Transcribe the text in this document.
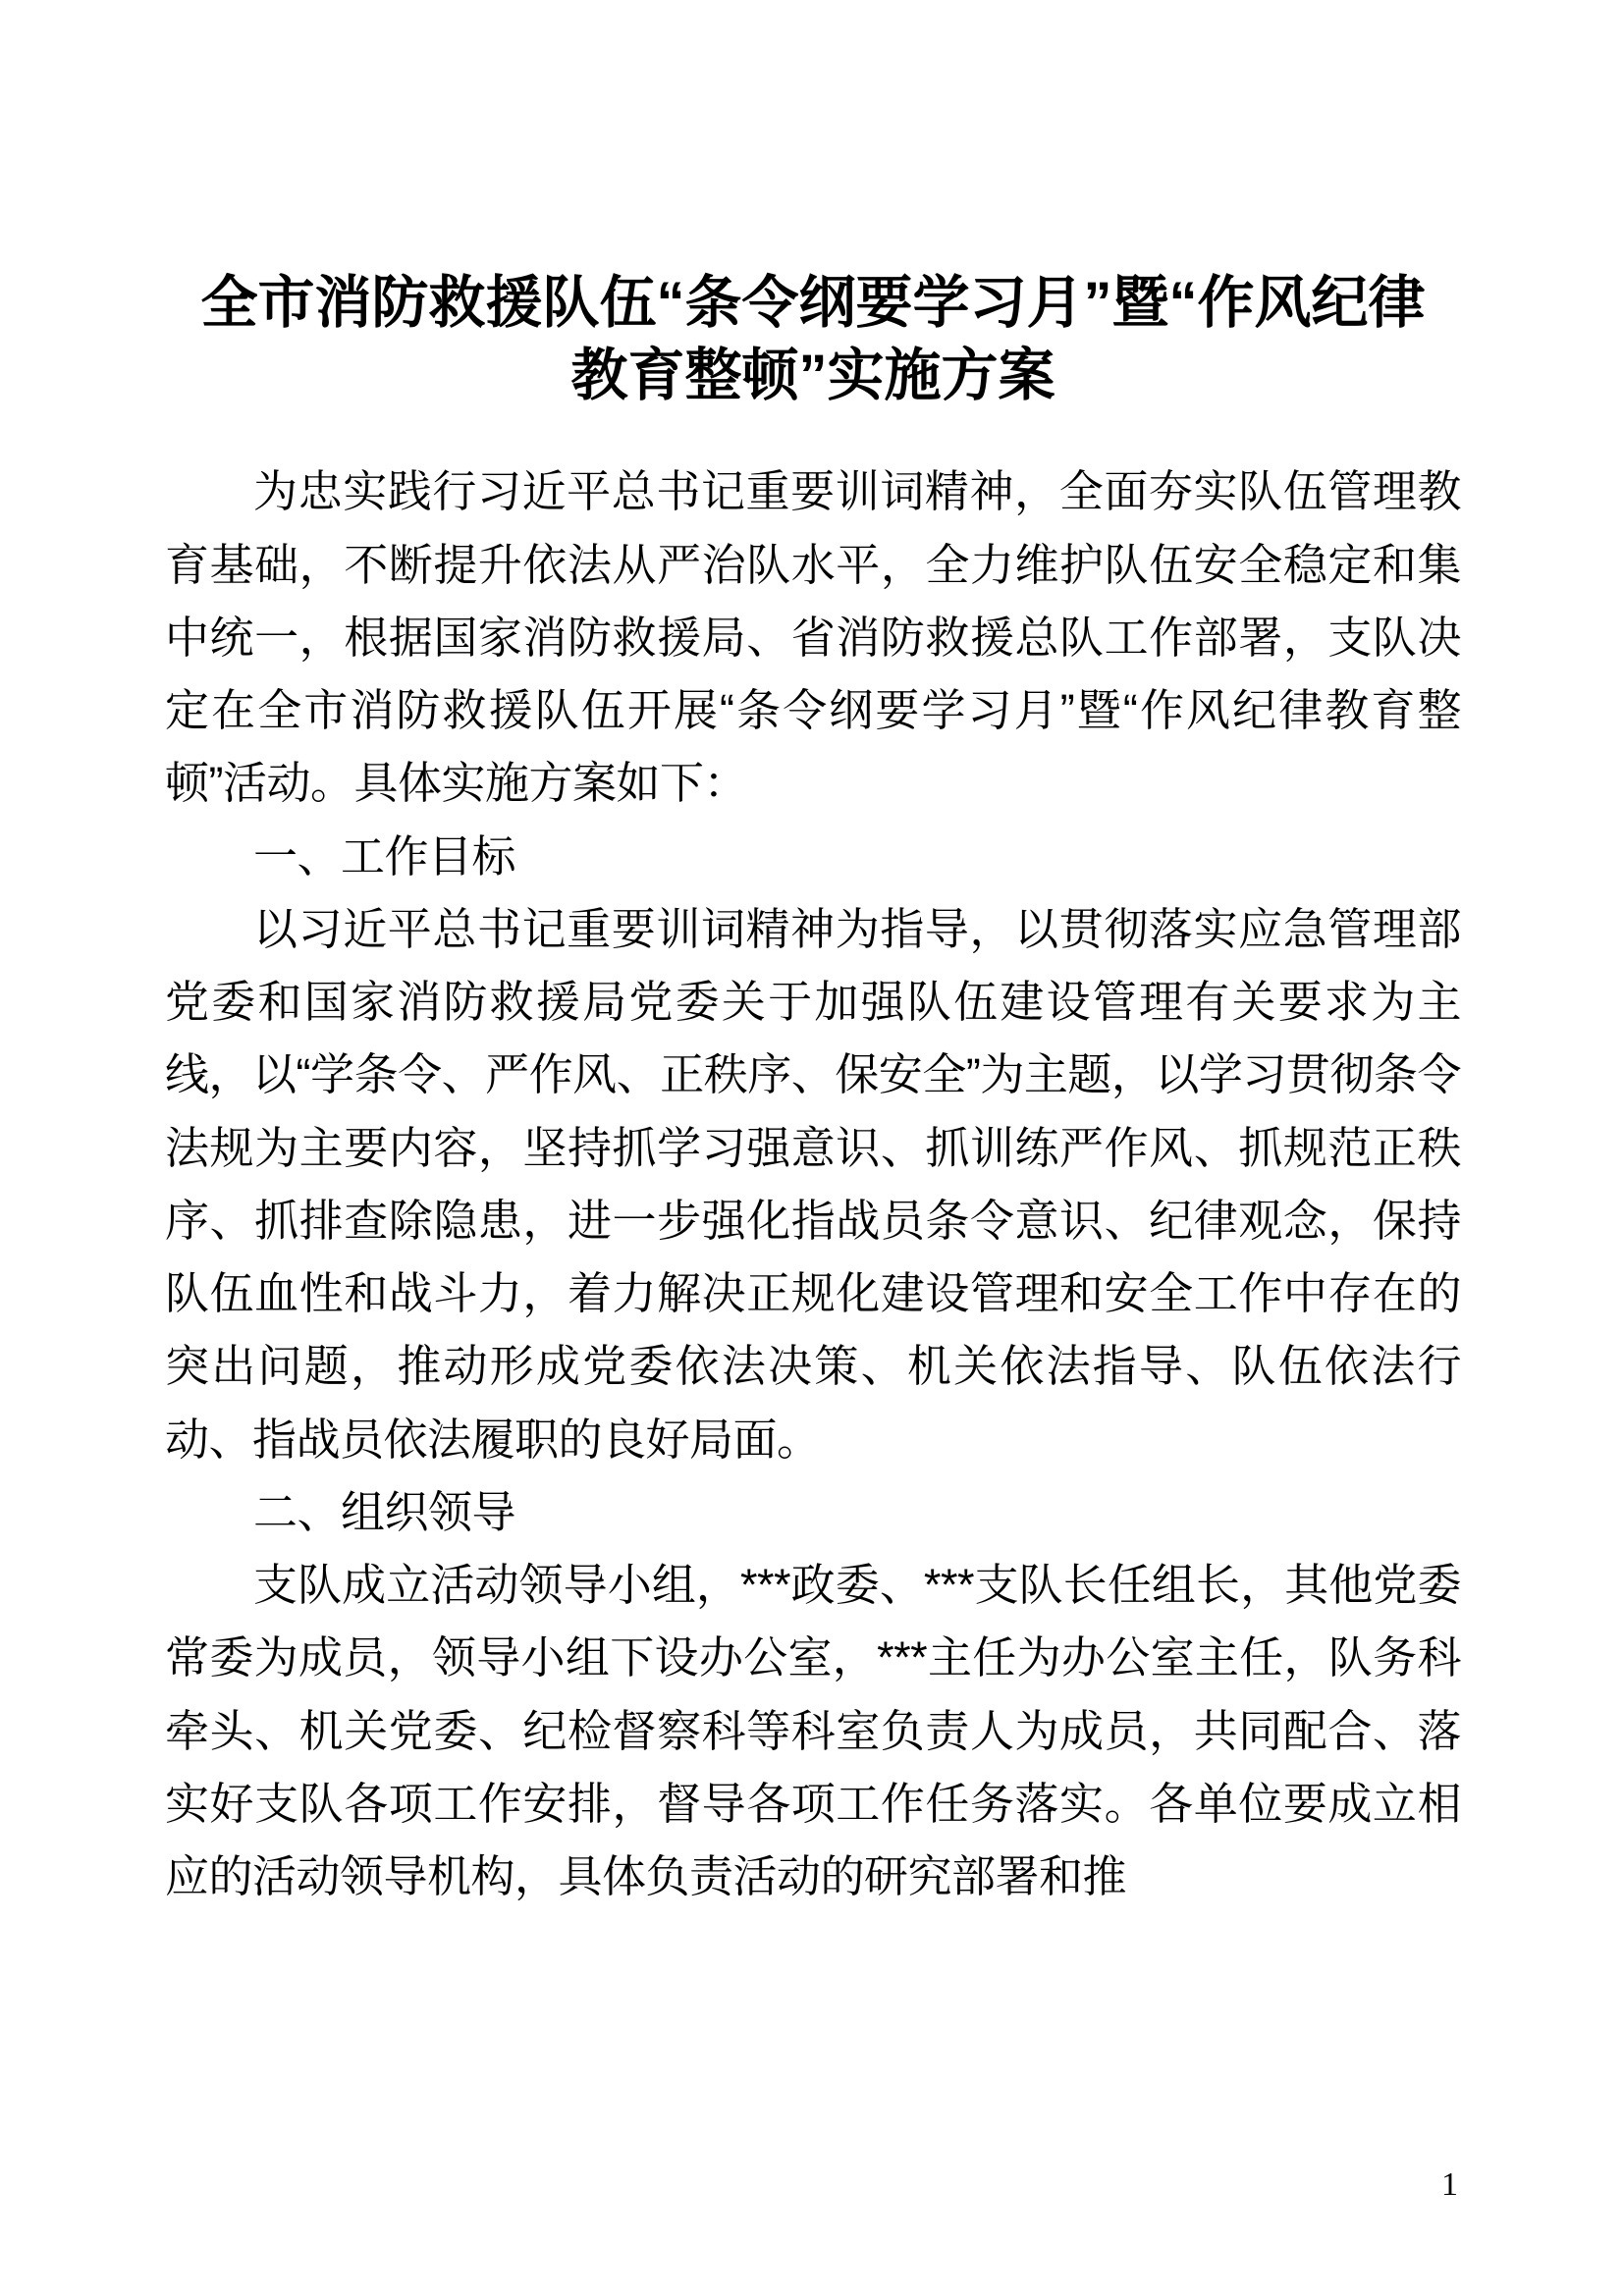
全市消防救援队伍“条令纲要学习月”暨“作风纪律教育整顿”实施方案

为忠实践行习近平总书记重要训词精神，全面夯实队伍管理教育基础，不断提升依法从严治队水平，全力维护队伍安全稳定和集中统一，根据国家消防救援局、省消防救援总队工作部署，支队决定在全市消防救援队伍开展“条令纲要学习月”暨“作风纪律教育整顿”活动。具体实施方案如下：

一、工作目标

以习近平总书记重要训词精神为指导，以贯彻落实应急管理部党委和国家消防救援局党委关于加强队伍建设管理有关要求为主线，以“学条令、严作风、正秩序、保安全”为主题，以学习贯彻条令法规为主要内容，坚持抓学习强意识、抓训练严作风、抓规范正秩序、抓排查除隐患，进一步强化指战员条令意识、纪律观念，保持队伍血性和战斗力，着力解决正规化建设管理和安全工作中存在的突出问题，推动形成党委依法决策、机关依法指导、队伍依法行动、指战员依法履职的良好局面。

二、组织领导

支队成立活动领导小组，***政委、***支队长任组长，其他党委常委为成员，领导小组下设办公室，***主任为办公室主任，队务科牵头、机关党委、纪检督察科等科室负责人为成员，共同配合、落实好支队各项工作安排，督导各项工作任务落实。各单位要成立相应的活动领导机构，具体负责活动的研究部署和推

1
